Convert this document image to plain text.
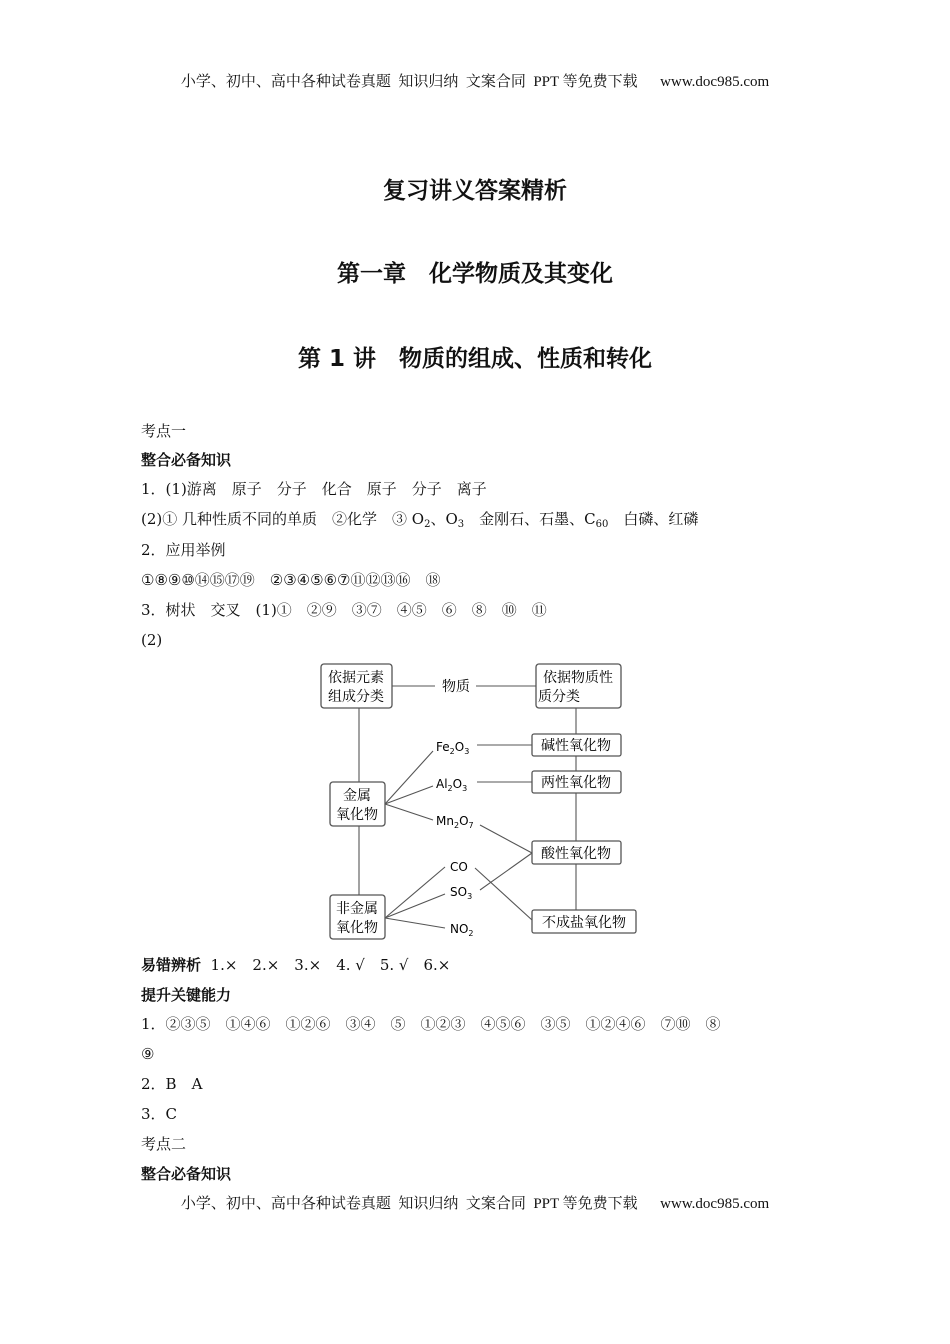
小学、初中、高中各种试卷真题  知识归纳  文案合同  PPT 等免费下载      www.doc985.com
复习讲义答案精析
第一章　化学物质及其变化
第 1 讲　物质的组成、性质和转化
考点一
整合必备知识
1．(1)游离　原子　分子　化合　原子　分子　离子
(2)① 几种性质不同的单质　②化学　③ $O_2$、$O_3$　金刚石、石墨、$C_{60}$　白磷、红磷
2．应用举例
①⑧⑨⑩⑭⑮⑰⑲　②③④⑤⑥⑦⑪⑫⑬⑯　⑱
3．树状　交叉　(1)①　②⑨　③⑦　④⑤　⑥　⑧　⑩　⑪
(2)
依据元素
组成分类
物质
依据物质性
质分类
金属
氧化物
非金属
氧化物
碱性氧化物
两性氧化物
酸性氧化物
不成盐氧化物
$Fe_2O_3$
$Al_2O_3$
$Mn_2O_7$
CO
$SO_3$
$NO_2$
易错辨析  1.×　2.×　3.×　4. √　5. √　6.×
提升关键能力
1．②③⑤　①④⑥　①②⑥　③④　⑤　①②③　④⑤⑥　③⑤　①②④⑥　⑦⑩　⑧
⑨
2．B　A
3．C
考点二
整合必备知识
小学、初中、高中各种试卷真题  知识归纳  文案合同  PPT 等免费下载      www.doc985.com
